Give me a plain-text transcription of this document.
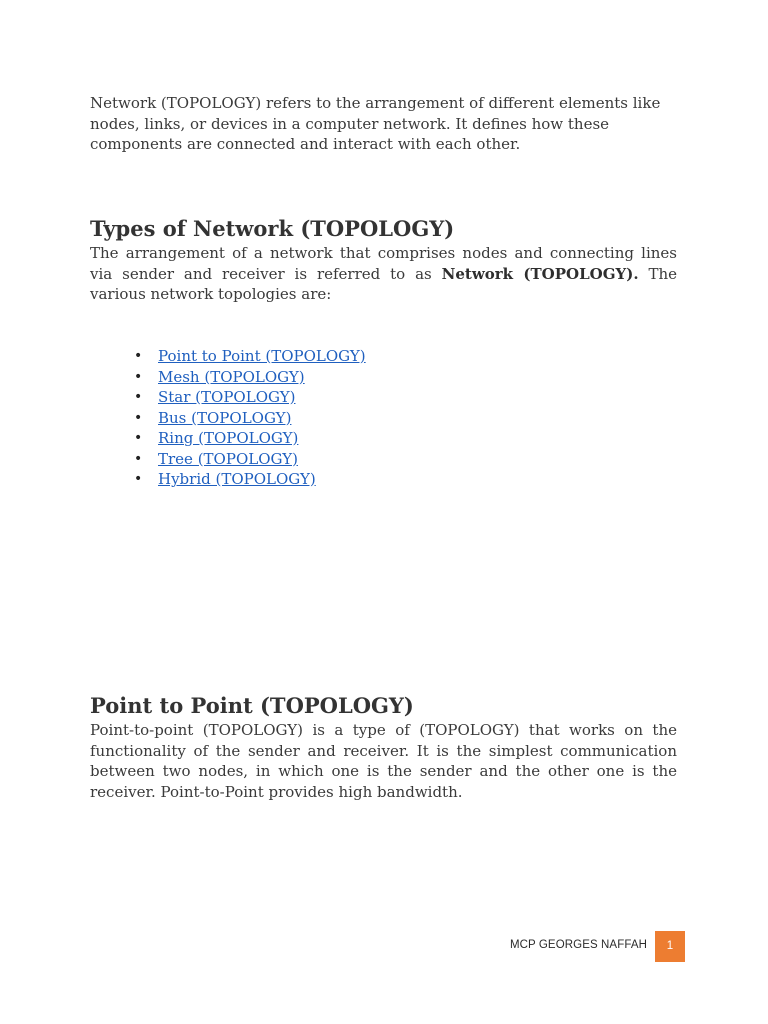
Network (TOPOLOGY) refers to the arrangement of different elements like nodes, links, or devices in a computer network. It defines how these components are connected and interact with each other.

Types of Network (TOPOLOGY)

The arrangement of a network that comprises nodes and connecting lines via sender and receiver is referred to as Network (TOPOLOGY). The various network topologies are:

• Point to Point (TOPOLOGY)
• Mesh (TOPOLOGY)
• Star (TOPOLOGY)
• Bus (TOPOLOGY)
• Ring (TOPOLOGY)
• Tree (TOPOLOGY)
• Hybrid (TOPOLOGY)
Point to Point (TOPOLOGY)

Point-to-point (TOPOLOGY) is a type of (TOPOLOGY) that works on the functionality of the sender and receiver. It is the simplest communication between two nodes, in which one is the sender and the other one is the receiver. Point-to-Point provides high bandwidth.

MCP GEORGES NAFFAH	1
